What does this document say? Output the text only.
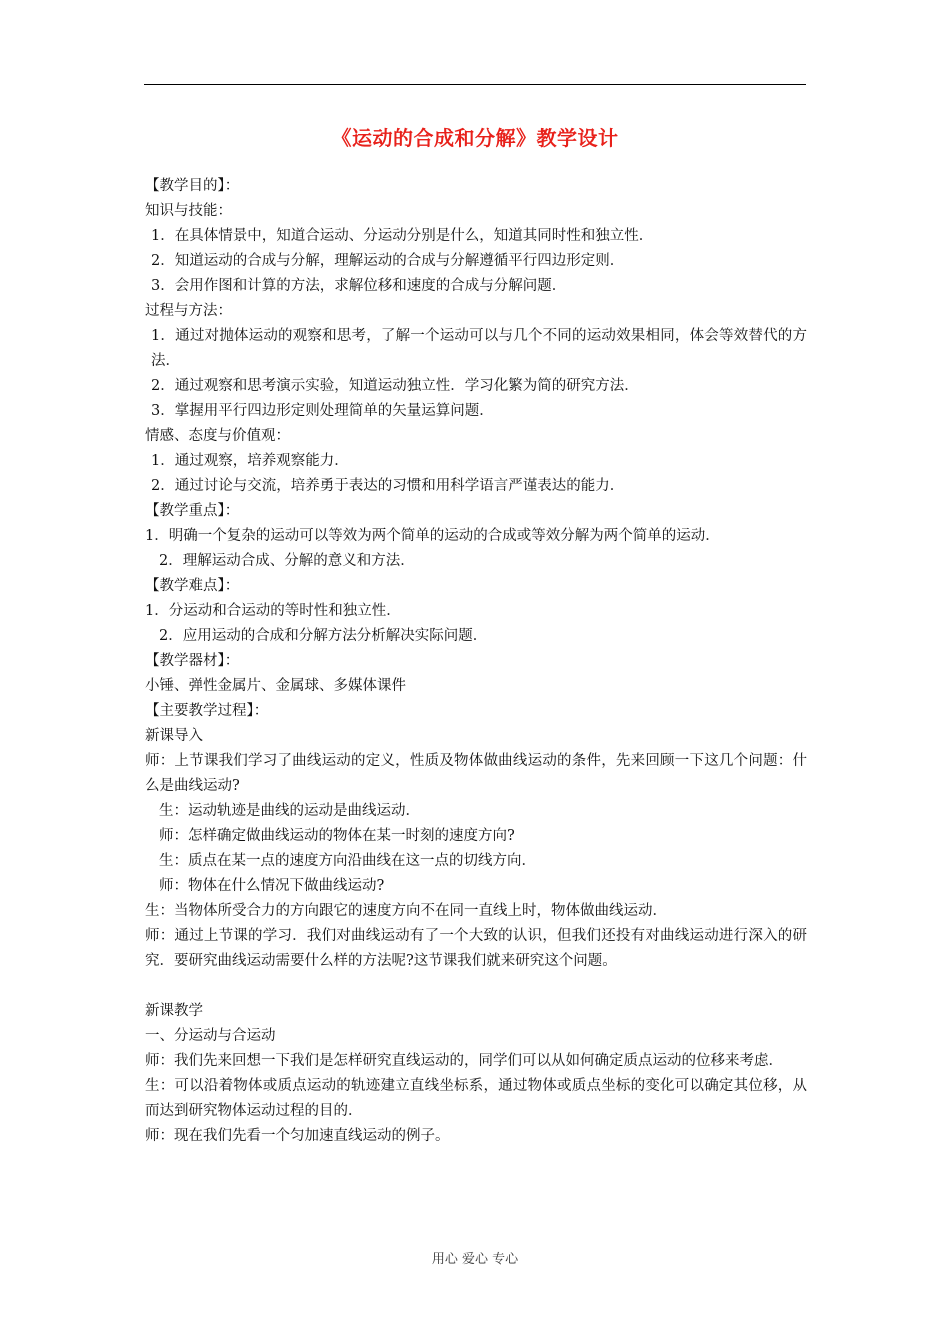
《运动的合成和分解》教学设计

【教学目的】：

知识与技能：

1．在具体情景中，知道合运动、分运动分别是什么，知道其同时性和独立性．

2．知道运动的合成与分解，理解运动的合成与分解遵循平行四边形定则．

3．会用作图和计算的方法，求解位移和速度的合成与分解问题．

过程与方法：

1．通过对抛体运动的观察和思考，了解一个运动可以与几个不同的运动效果相同，体会等效替代的方法．

2．通过观察和思考演示实验，知道运动独立性．学习化繁为简的研究方法．

3．掌握用平行四边形定则处理简单的矢量运算问题．

情感、态度与价值观：

1．通过观察，培养观察能力．

2．通过讨论与交流，培养勇于表达的习惯和用科学语言严谨表达的能力．

【教学重点】：

1．明确一个复杂的运动可以等效为两个简单的运动的合成或等效分解为两个简单的运动．

2．理解运动合成、分解的意义和方法．

【教学难点】：

1．分运动和合运动的等时性和独立性．

2．应用运动的合成和分解方法分析解决实际问题．

【教学器材】：

小锤、弹性金属片、金属球、多媒体课件

【主要教学过程】：

新课导入

师：上节课我们学习了曲线运动的定义，性质及物体做曲线运动的条件，先来回顾一下这几个问题：什么是曲线运动?

生：运动轨迹是曲线的运动是曲线运动．

师：怎样确定做曲线运动的物体在某一时刻的速度方向?

生：质点在某一点的速度方向沿曲线在这一点的切线方向．

师：物体在什么情况下做曲线运动?

生：当物体所受合力的方向跟它的速度方向不在同一直线上时，物体做曲线运动．

师：通过上节课的学习．我们对曲线运动有了一个大致的认识，但我们还投有对曲线运动进行深入的研究．要研究曲线运动需要什么样的方法呢?这节课我们就来研究这个问题。

新课教学

一、分运动与合运动

师：我们先来回想一下我们是怎样研究直线运动的，同学们可以从如何确定质点运动的位移来考虑．

生：可以沿着物体或质点运动的轨迹建立直线坐标系，通过物体或质点坐标的变化可以确定其位移，从而达到研究物体运动过程的目的．

师：现在我们先看一个匀加速直线运动的例子。

用心 爱心 专心
